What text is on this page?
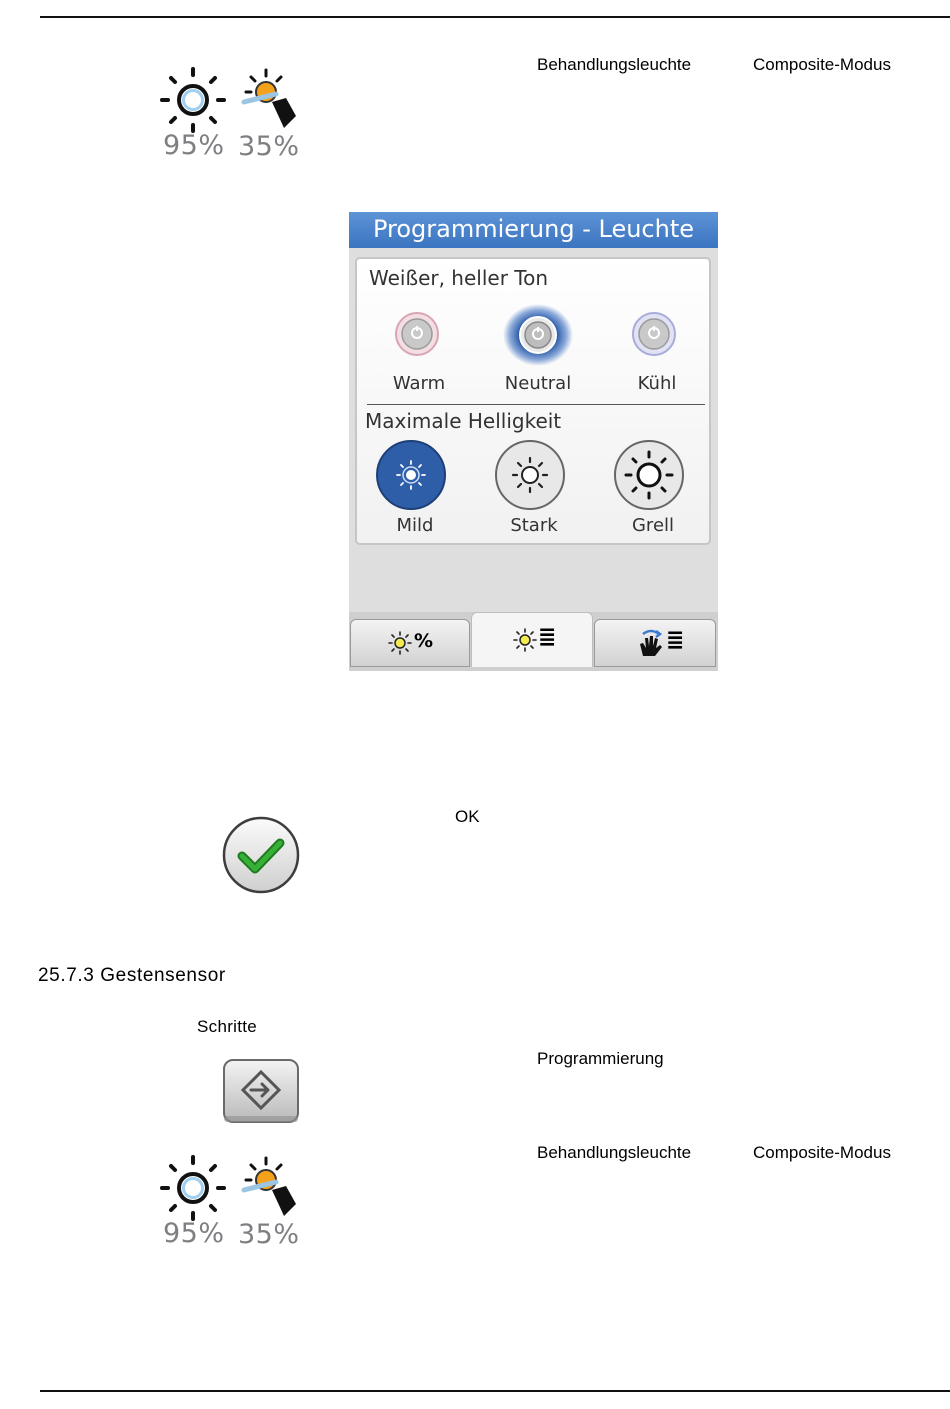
95% 35%
Behandlungsleuchte	Composite-Modus
Programmierung - Leuchte
Weißer, heller Ton
Warm	Neutral	Kühl
Maximale Helligkeit
Mild	Stark	Grell
%	≣	≣
OK
25.7.3 Gestensensor
Schritte
Programmierung
95% 35%
Behandlungsleuchte	Composite-Modus
